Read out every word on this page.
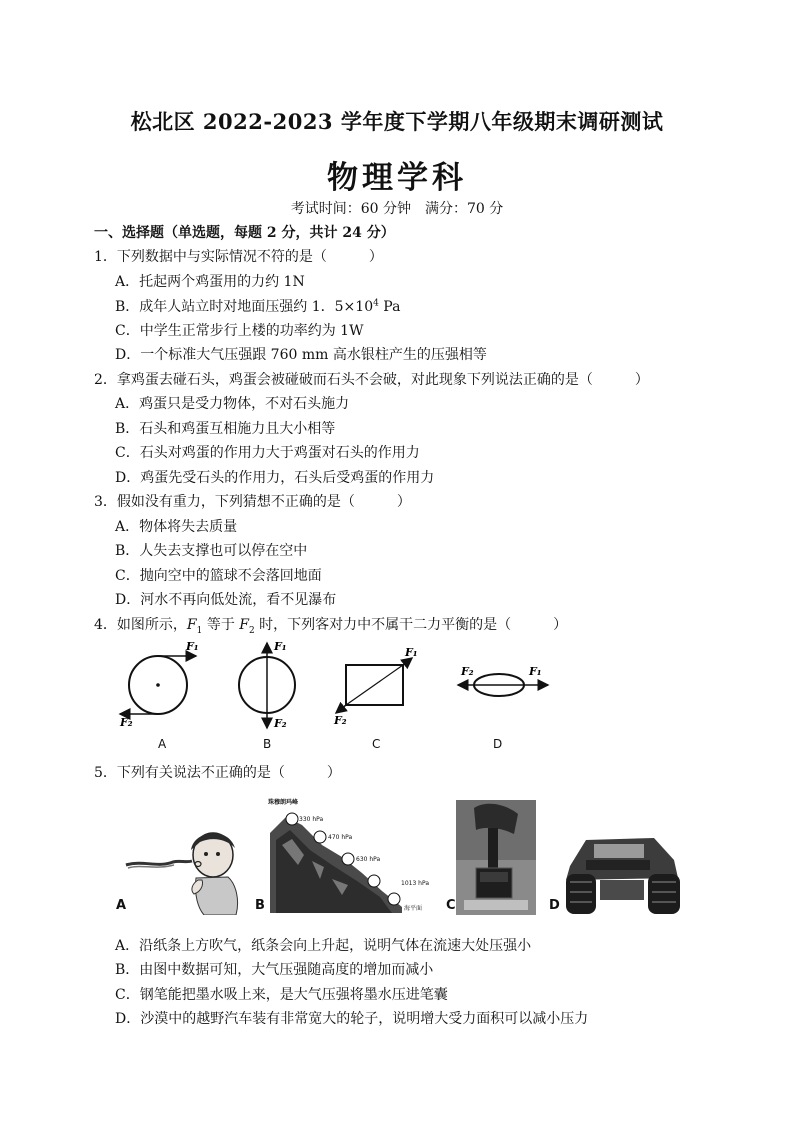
松北区 2022-2023 学年度下学期八年级期末调研测试
物理学科
考试时间：60 分钟　满分：70 分
一、选择题（单选题，每题 2 分，共计 24 分）
1．下列数据中与实际情况不符的是（　　　）
A．托起两个鸡蛋用的力约 1N
B．成年人站立时对地面压强约 1．$5\times 10^4$ Pa
C．中学生正常步行上楼的功率约为 1W
D．一个标准大气压强跟 760 mm 高水银柱产生的压强相等
2．拿鸡蛋去碰石头，鸡蛋会被碰破而石头不会破，对此现象下列说法正确的是（　　　）
A．鸡蛋只是受力物体，不对石头施力
B．石头和鸡蛋互相施力且大小相等
C．石头对鸡蛋的作用力大于鸡蛋对石头的作用力
D．鸡蛋先受石头的作用力，石头后受鸡蛋的作用力
3．假如没有重力，下列猜想不正确的是（　　　）
A．物体将失去质量
B．人失去支撑也可以停在空中
C．抛向空中的篮球不会落回地面
D．河水不再向低处流，看不见瀑布
4．如图所示，$F_1$ 等于 $F_2$ 时，下列客对力中不属干二力平衡的是（　　　）
F₁
F₂
F₁
F₂
F₁
F₂
F₂	F₁
A	B	C	D
5．下列有关说法不正确的是（　　　）
A
珠穆朗玛峰
330 hPa
470 hPa
630 hPa
1013 hPa
海平面
B	C	D
A．沿纸条上方吹气，纸条会向上升起，说明气体在流速大处压强小
B．由图中数据可知，大气压强随高度的增加而减小
C．钢笔能把墨水吸上来，是大气压强将墨水压进笔囊
D．沙漠中的越野汽车装有非常宽大的轮子，说明增大受力面积可以减小压力
